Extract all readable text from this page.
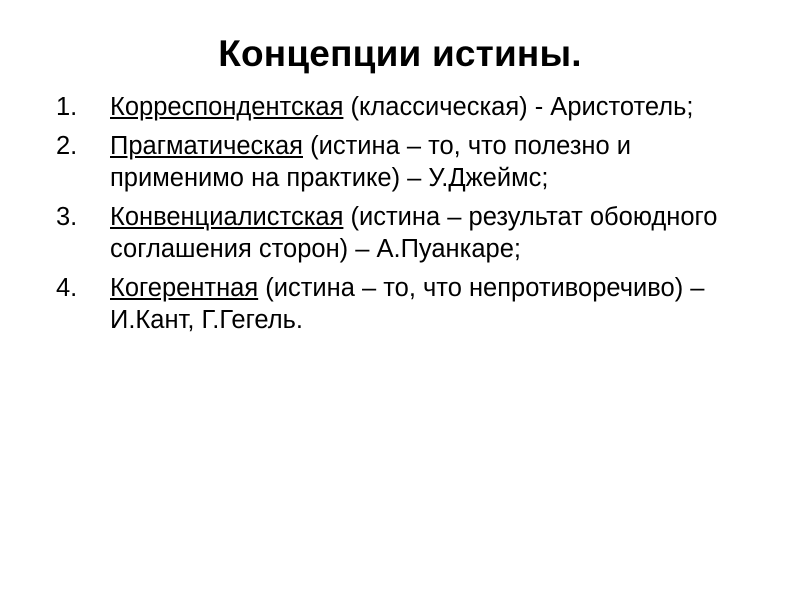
Концепции истины.
1.	Корреспондентская (классическая) - Аристотель;
2.	Прагматическая (истина – то, что полезно и применимо на практике) – У.Джеймс;
3.	Конвенциалистская (истина – результат обоюдного соглашения сторон) – А.Пуанкаре;
4.	Когерентная (истина – то, что непротиворечиво) – И.Кант, Г.Гегель.
